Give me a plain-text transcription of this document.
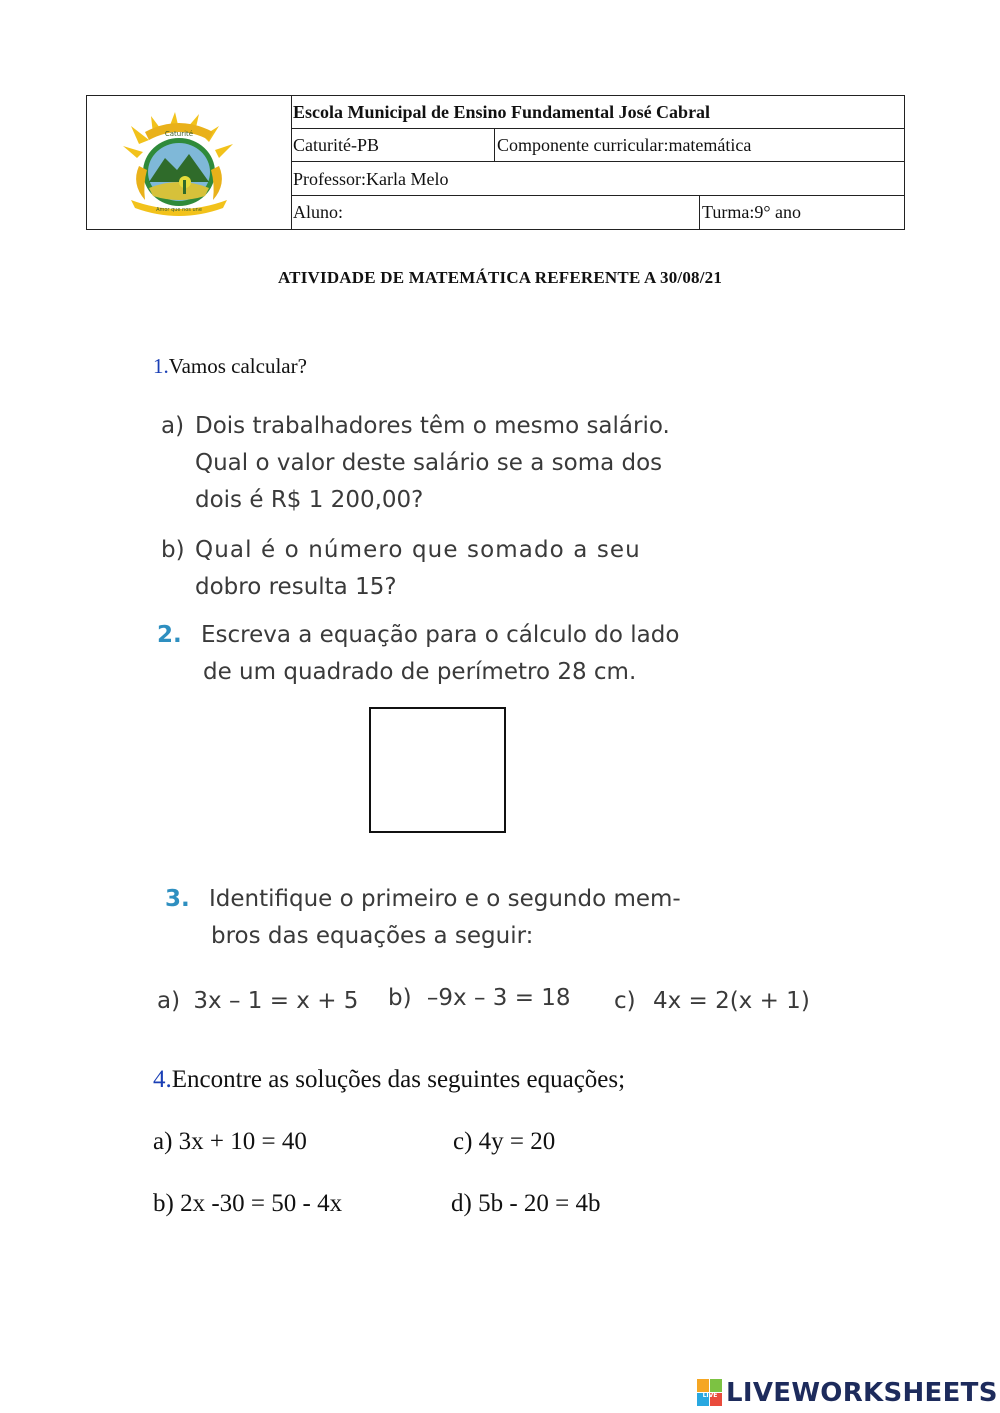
Caturité
Amor que nos une
Escola Municipal de Ensino Fundamental José Cabral
Caturité-PB	Componente curricular:matemática
Professor:Karla Melo
Aluno:	Turma:9° ano
ATIVIDADE DE MATEMÁTICA REFERENTE A 30/08/21
1.Vamos calcular?
a) Dois trabalhadores têm o mesmo salário.
Qual o valor deste salário se a soma dos
dois é R$ 1 200,00?
b) Qual é o número que somado a seu
dobro resulta 15?
2. Escreva a equação para o cálculo do lado
de um quadrado de perímetro 28 cm.
3. Identifique o primeiro e o segundo mem-
bros das equações a seguir:
a) 3x – 1 = x + 5 b) –9x – 3 = 18 c) 4x = 2(x + 1)
4.Encontre as soluções das seguintes equações;
a) 3x + 10 = 40	c) 4y = 20
b) 2x -30 = 50 - 4x	d) 5b - 20 = 4b
LIVE LIVEWORKSHEETS
